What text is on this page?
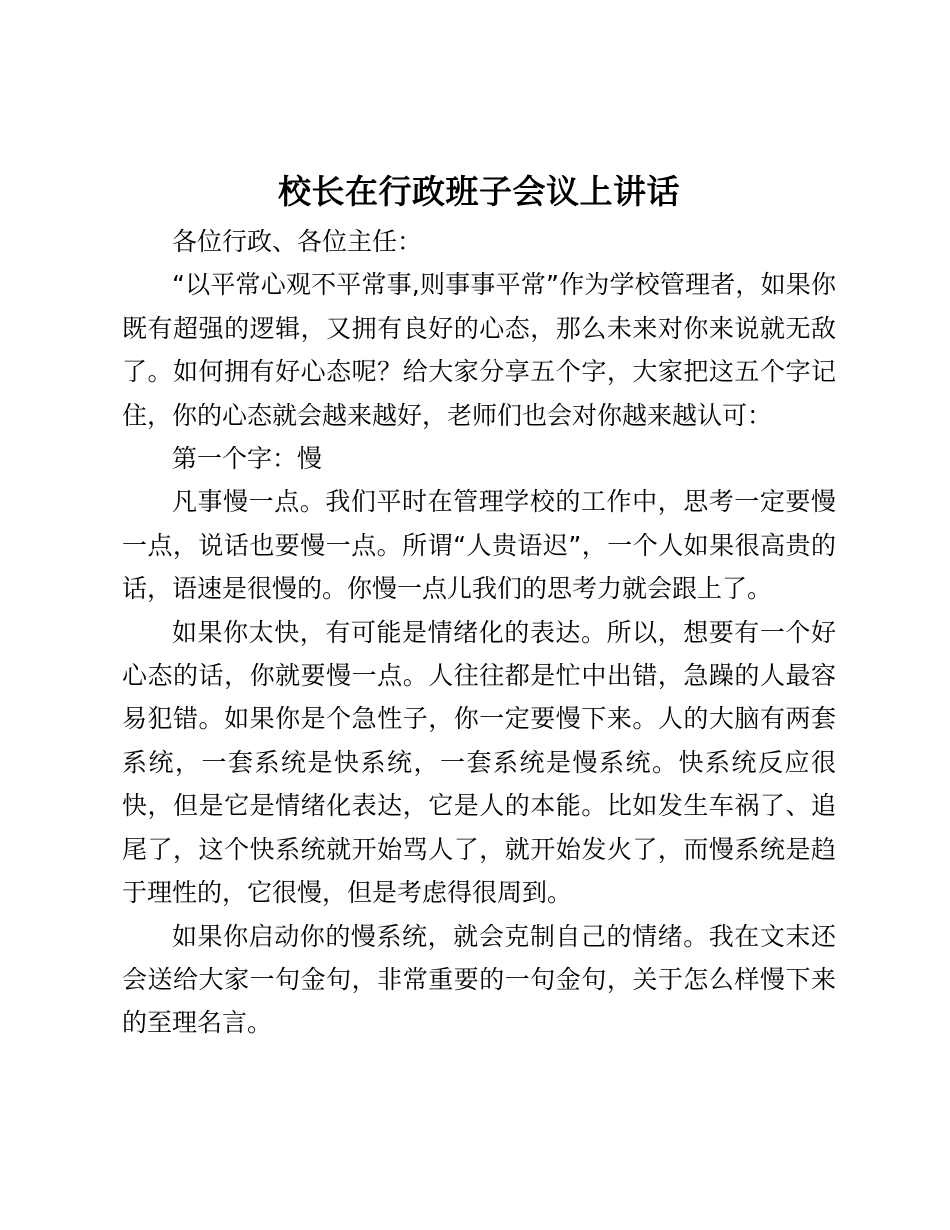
校长在行政班子会议上讲话

各位行政、各位主任：

“以平常心观不平常事,则事事平常”作为学校管理者，如果你既有超强的逻辑，又拥有良好的心态，那么未来对你来说就无敌了。如何拥有好心态呢？给大家分享五个字，大家把这五个字记住，你的心态就会越来越好，老师们也会对你越来越认可：

第一个字：慢

凡事慢一点。我们平时在管理学校的工作中，思考一定要慢一点，说话也要慢一点。所谓“人贵语迟”，一个人如果很高贵的话，语速是很慢的。你慢一点儿我们的思考力就会跟上了。

如果你太快，有可能是情绪化的表达。所以，想要有一个好心态的话，你就要慢一点。人往往都是忙中出错，急躁的人最容易犯错。如果你是个急性子，你一定要慢下来。人的大脑有两套系统，一套系统是快系统，一套系统是慢系统。快系统反应很快，但是它是情绪化表达，它是人的本能。比如发生车祸了、追尾了，这个快系统就开始骂人了，就开始发火了，而慢系统是趋于理性的，它很慢，但是考虑得很周到。

如果你启动你的慢系统，就会克制自己的情绪。我在文末还会送给大家一句金句，非常重要的一句金句，关于怎么样慢下来的至理名言。
